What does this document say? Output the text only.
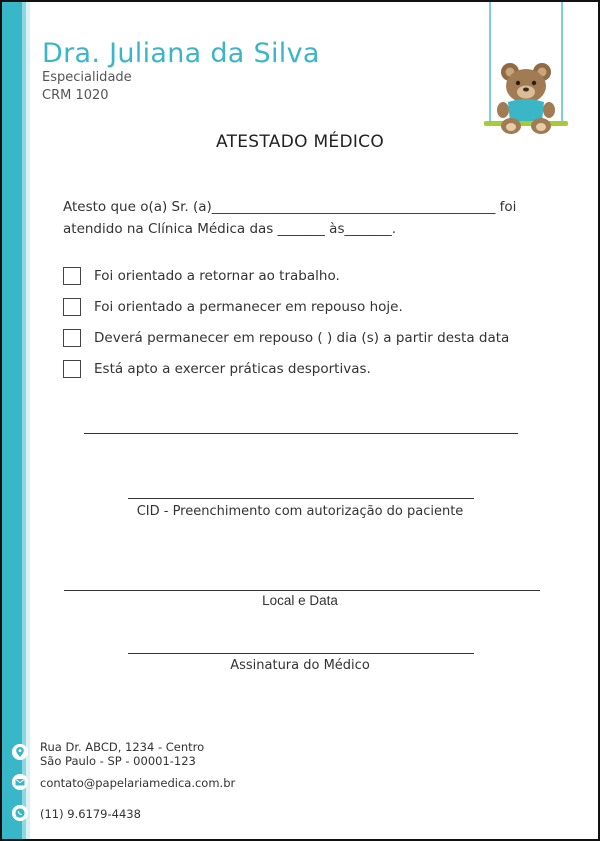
Dra. Juliana da Silva
Especialidade
CRM 1020
ATESTADO MÉDICO
Atesto que o(a) Sr. (a)__________________________________________ foi
atendido na Clínica Médica das _______ às_______.
Foi orientado a retornar ao trabalho.
Foi orientado a permanecer em repouso hoje.
Deverá permanecer em repouso ( ) dia (s) a partir desta data
Está apto a exercer práticas desportivas.
CID - Preenchimento com autorização do paciente
Local e Data
Assinatura do Médico
Rua Dr. ABCD, 1234 - Centro
São Paulo - SP - 00001-123
contato@papelariamedica.com.br
(11) 9.6179-4438
